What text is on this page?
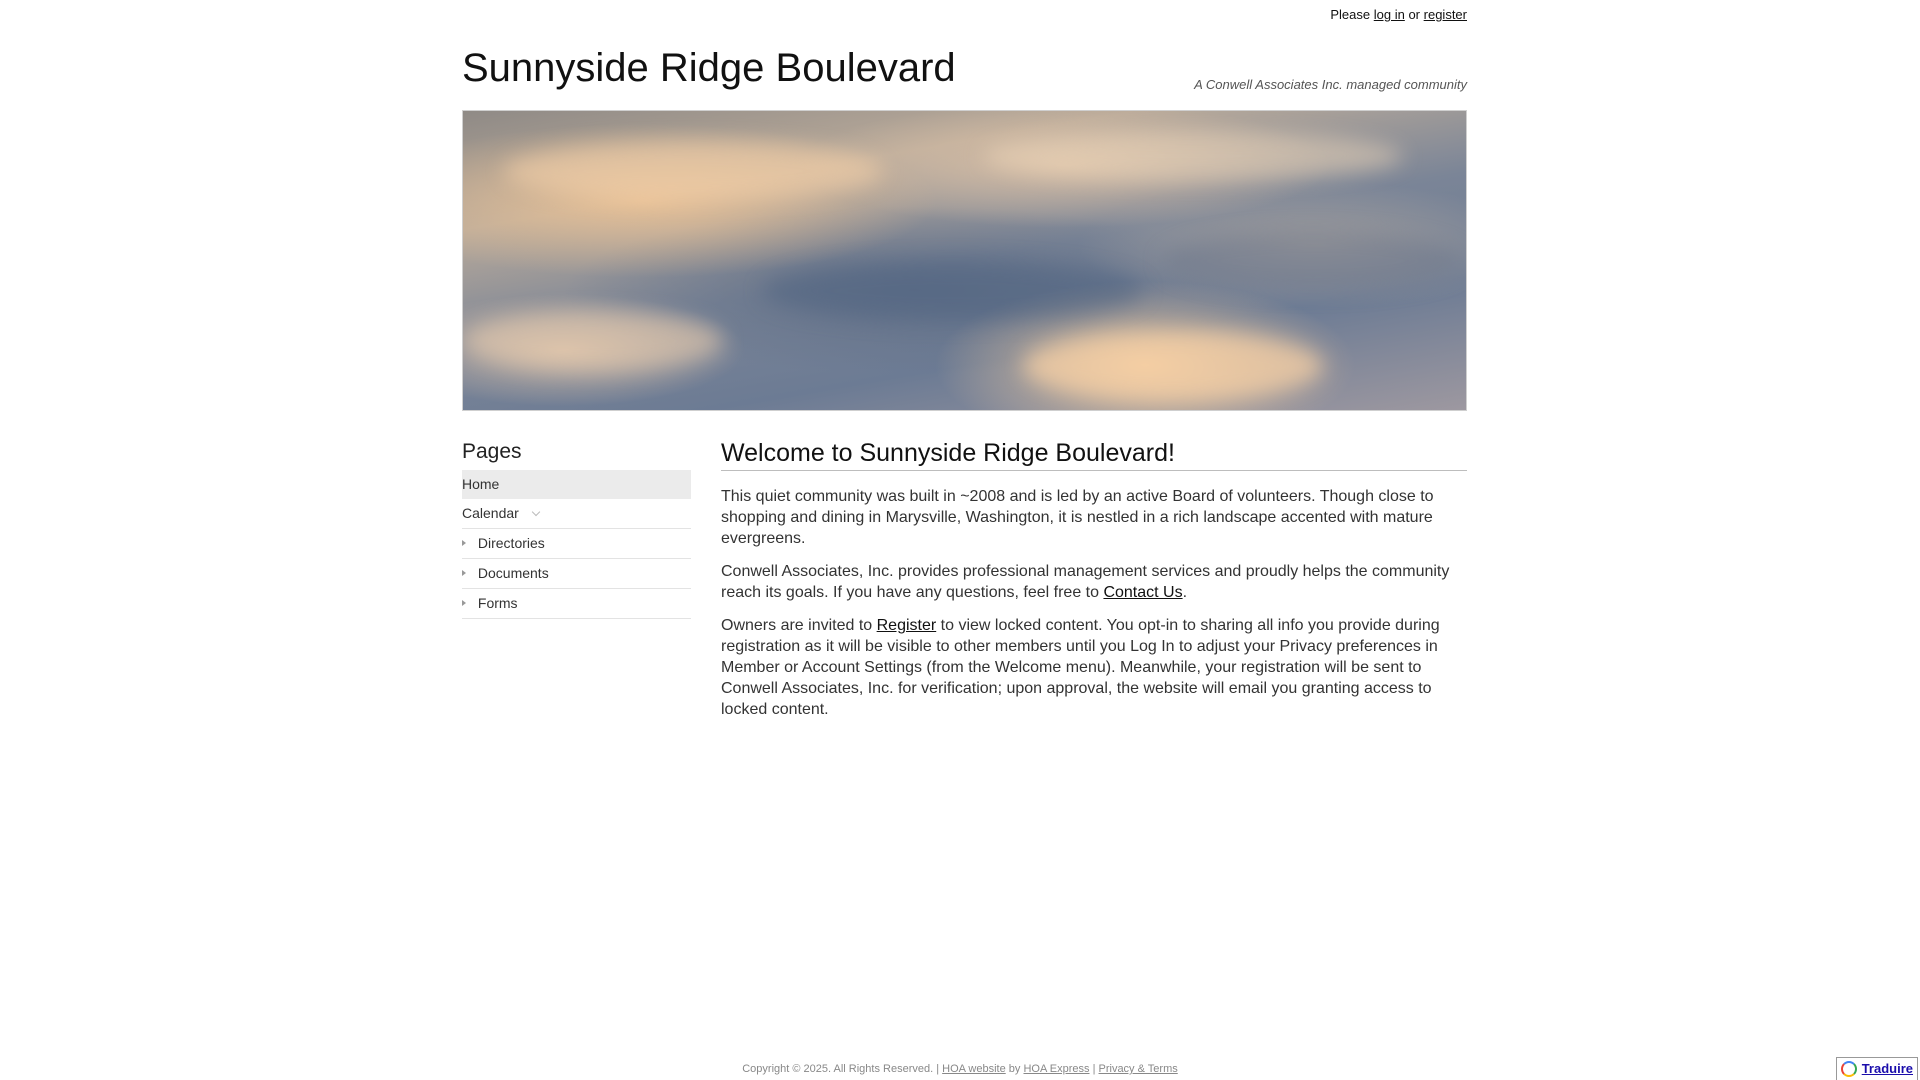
Please log in or register
Sunnyside Ridge Boulevard	A Conwell Associates Inc. managed community
Pages
Home
Calendar
Directories
Documents
Forms
Welcome to Sunnyside Ridge Boulevard!

This quiet community was built in ~2008 and is led by an active Board of volunteers. Though close to shopping and dining in Marysville, Washington, it is nestled in a rich landscape accented with mature evergreens.

Conwell Associates, Inc. provides professional management services and proudly helps the community reach its goals. If you have any questions, feel free to Contact Us.

Owners are invited to Register to view locked content. You opt-in to sharing all info you provide during registration as it will be visible to other members until you Log In to adjust your Privacy preferences in Member or Account Settings (from the Welcome menu). Meanwhile, your registration will be sent to Conwell Associates, Inc. for verification; upon approval, the website will email you granting access to locked content.

Copyright © 2025. All Rights Reserved. | HOA website by HOA Express | Privacy & Terms	Traduire
